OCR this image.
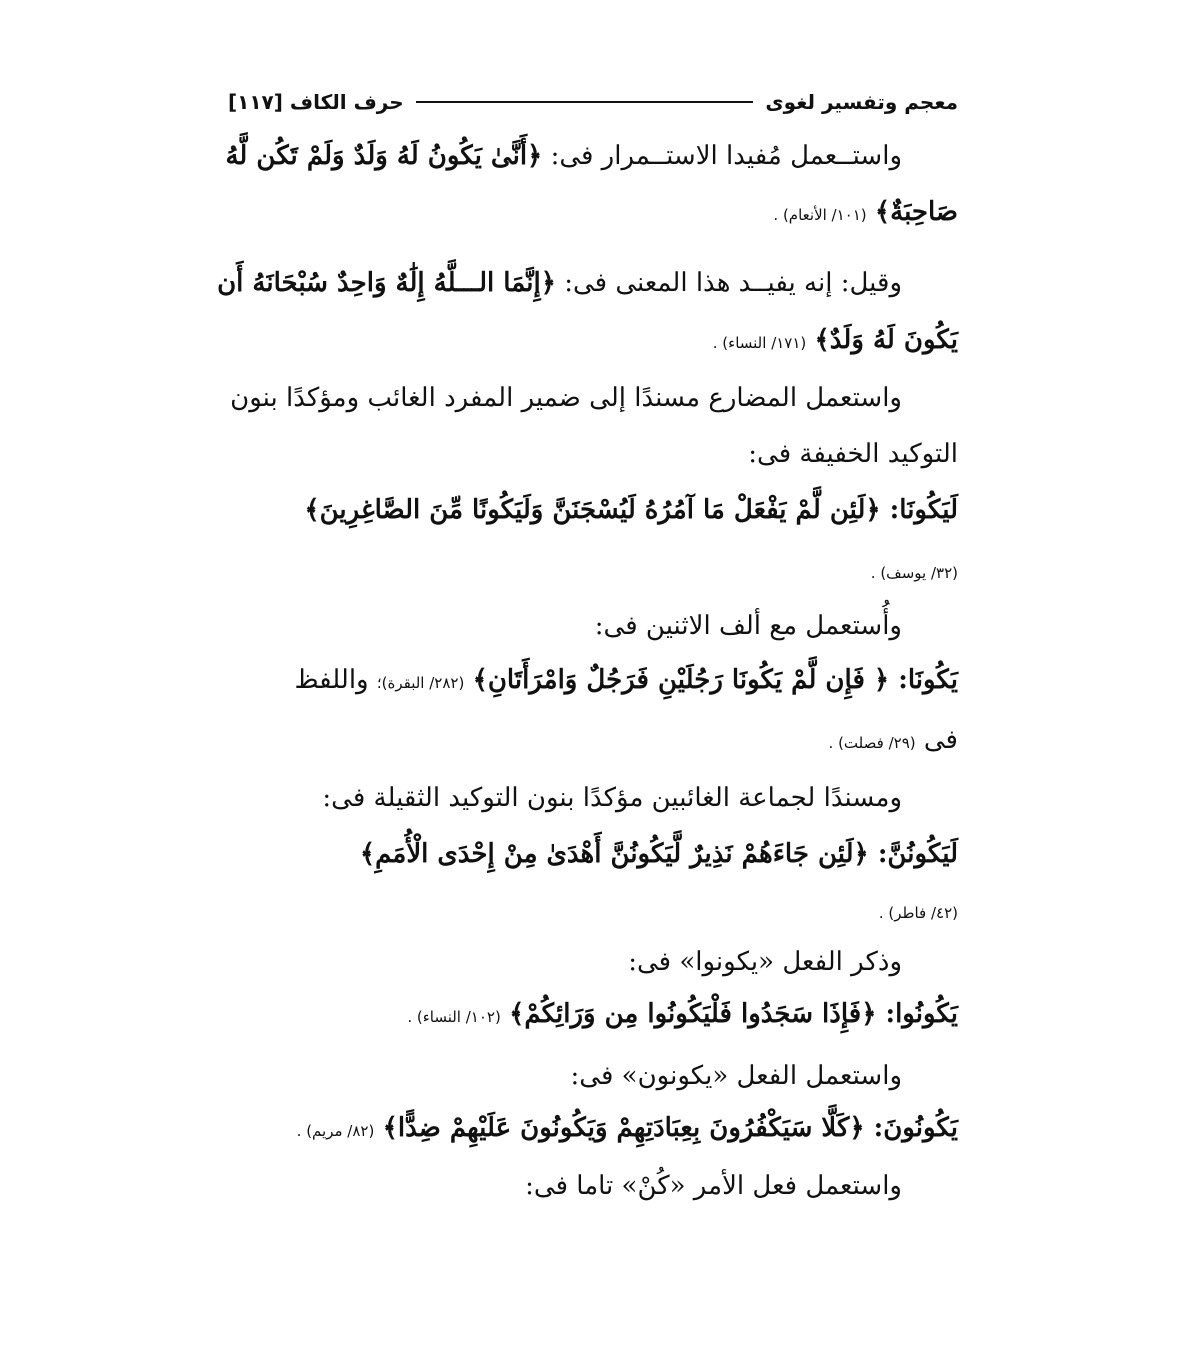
معجم وتفسير لغوى
حرف الكاف [١١٧]
واستــعمل مُفيدا الاستــمرار فى: ﴿أَنَّىٰ يَكُونُ لَهُ وَلَدٌ وَلَمْ تَكُن لَّهُ
صَاحِبَةٌ﴾ (١٠١/ الأنعام) .
وقيل: إنه يفيــد هذا المعنى فى: ﴿إِنَّمَا الـــلَّهُ إِلَٰهٌ وَاحِدٌ سُبْحَانَهُ أَن
يَكُونَ لَهُ وَلَدٌ﴾ (١٧١/ النساء) .
واستعمل المضارع مسندًا إلى ضمير المفرد الغائب ومؤكدًا بنون
التوكيد الخفيفة فى:
لَيَكُونَا: ﴿لَئِن لَّمْ يَفْعَلْ مَا آمُرُهُ لَيُسْجَنَنَّ وَلَيَكُونًا مِّنَ الصَّاغِرِينَ﴾
(٣٢/ يوسف) .
وأُستعمل مع ألف الاثنين فى:
يَكُونَا: ﴿ فَإِن لَّمْ يَكُونَا رَجُلَيْنِ فَرَجُلٌ وَامْرَأَتَانِ﴾ (٢٨٢/ البقرة)؛ واللفظ
فى (٢٩/ فصلت) .
ومسندًا لجماعة الغائبين مؤكدًا بنون التوكيد الثقيلة فى:
لَيَكُونُنَّ: ﴿لَئِن جَاءَهُمْ نَذِيرٌ لَّيَكُونُنَّ أَهْدَىٰ مِنْ إِحْدَى الْأُمَمِ﴾
(٤٢/ فاطر) .
وذكر الفعل «يكونوا» فى:
يَكُونُوا: ﴿فَإِذَا سَجَدُوا فَلْيَكُونُوا مِن وَرَائِكُمْ﴾ (١٠٢/ النساء) .
واستعمل الفعل «يكونون» فى:
يَكُونُونَ: ﴿كَلَّا سَيَكْفُرُونَ بِعِبَادَتِهِمْ وَيَكُونُونَ عَلَيْهِمْ ضِدًّا﴾ (٨٢/ مريم) .
واستعمل فعل الأمر «كُنْ» تاما فى:
